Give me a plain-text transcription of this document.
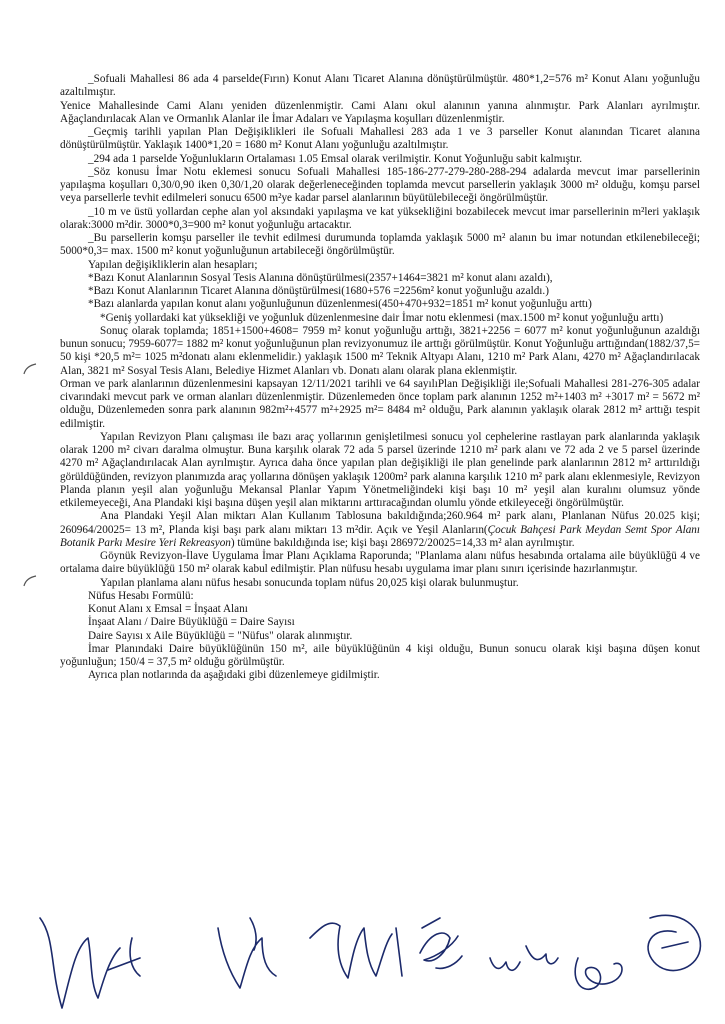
_Sofuali Mahallesi 86 ada 4 parselde(Fırın) Konut Alanı Ticaret Alanına dönüştürülmüştür. 480*1,2=576 m² Konut Alanı yoğunluğu azaltılmıştır.

Yenice Mahallesinde Cami Alanı yeniden düzenlenmiştir. Cami Alanı okul alanının yanına alınmıştır. Park Alanları ayrılmıştır. Ağaçlandırılacak Alan ve Ormanlık Alanlar ile İmar Adaları ve Yapılaşma koşulları düzenlenmiştir.

_Geçmiş tarihli yapılan Plan Değişiklikleri ile Sofuali Mahallesi 283 ada 1 ve 3 parseller Konut alanından Ticaret alanına dönüştürülmüştür. Yaklaşık 1400*1,20 = 1680 m² Konut Alanı yoğunluğu azaltılmıştır.

_294 ada 1 parselde Yoğunlukların Ortalaması 1.05 Emsal olarak verilmiştir. Konut Yoğunluğu sabit kalmıştır.

_Söz konusu İmar Notu eklemesi sonucu Sofuali Mahallesi 185-186-277-279-280-288-294 adalarda mevcut imar parsellerinin yapılaşma koşulları 0,30/0,90 iken 0,30/1,20 olarak değerleneceğinden toplamda mevcut parsellerin yaklaşık 3000 m² olduğu, komşu parsel veya parsellerle tevhit edilmeleri sonucu 6500 m²ye kadar parsel alanlarının büyütülebileceği öngörülmüştür.

_10 m ve üstü yollardan cephe alan yol aksındaki yapılaşma ve kat yüksekliğini bozabilecek mevcut imar parsellerinin m²leri yaklaşık olarak:3000 m²dir. 3000*0,3=900 m² konut yoğunluğu artacaktır.

_Bu parsellerin komşu parseller ile tevhit edilmesi durumunda toplamda yaklaşık 5000 m² alanın bu imar notundan etkilenebileceği; 5000*0,3= max. 1500 m² konut yoğunluğunun artabileceği öngörülmüştür.

Yapılan değişikliklerin alan hesapları;

*Bazı Konut Alanlarının Sosyal Tesis Alanına dönüştürülmesi(2357+1464=3821 m² konut alanı azaldı),

*Bazı Konut Alanlarının Ticaret Alanına dönüştürülmesi(1680+576 =2256m² konut yoğunluğu azaldı.)

*Bazı alanlarda yapılan konut alanı yoğunluğunun düzenlenmesi(450+470+932=1851 m² konut yoğunluğu arttı)

*Geniş yollardaki kat yüksekliği ve yoğunluk düzenlenmesine dair İmar notu eklenmesi (max.1500 m² konut yoğunluğu arttı)

Sonuç olarak toplamda; 1851+1500+4608= 7959 m² konut yoğunluğu arttığı, 3821+2256 = 6077 m² konut yoğunluğunun azaldığı bunun sonucu; 7959-6077= 1882 m² konut yoğunluğunun plan revizyonumuz ile arttığı görülmüştür. Konut Yoğunluğu arttığından(1882/37,5= 50 kişi *20,5 m²= 1025 m²donatı alanı eklenmelidir.) yaklaşık 1500 m² Teknik Altyapı Alanı, 1210 m² Park Alanı, 4270 m² Ağaçlandırılacak Alan, 3821 m² Sosyal Tesis Alanı, Belediye Hizmet Alanları vb. Donatı alanı olarak plana eklenmiştir.

Orman ve park alanlarının düzenlenmesini kapsayan 12/11/2021 tarihli ve 64 sayılıPlan Değişikliği ile;Sofuali Mahallesi 281-276-305 adalar civarındaki mevcut park ve orman alanları düzenlenmiştir. Düzenlemeden önce toplam park alanının 1252 m²+1403 m² +3017 m² = 5672 m² olduğu, Düzenlemeden sonra park alanının 982m²+4577 m²+2925 m²= 8484 m² olduğu, Park alanının yaklaşık olarak 2812 m² arttığı tespit edilmiştir.

Yapılan Revizyon Planı çalışması ile bazı araç yollarının genişletilmesi sonucu yol cephelerine rastlayan park alanlarında yaklaşık olarak 1200 m² civarı daralma olmuştur. Buna karşılık olarak 72 ada 5 parsel üzerinde 1210 m² park alanı ve 72 ada 2 ve 5 parsel üzerinde 4270 m² Ağaçlandırılacak Alan ayrılmıştır. Ayrıca daha önce yapılan plan değişikliği ile plan genelinde park alanlarının 2812 m² arttırıldığı görüldüğünden, revizyon planımızda araç yollarına dönüşen yaklaşık 1200m² park alanına karşılık 1210 m² park alanı eklenmesiyle, Revizyon Planda planın yeşil alan yoğunluğu Mekansal Planlar Yapım Yönetmeliğindeki kişi başı 10 m² yeşil alan kuralını olumsuz yönde etkilemeyeceği, Ana Plandaki kişi başına düşen yeşil alan miktarını arttıracağından olumlu yönde etkileyeceği öngörülmüştür.

Ana Plandaki Yeşil Alan miktarı Alan Kullanım Tablosuna bakıldığında;260.964 m² park alanı, Planlanan Nüfus 20.025 kişi; 260964/20025= 13 m², Planda kişi başı park alanı miktarı 13 m²dir. Açık ve Yeşil Alanların(Çocuk Bahçesi Park Meydan Semt Spor Alanı Botanik Parkı Mesire Yeri Rekreasyon) tümüne bakıldığında ise; kişi başı 286972/20025=14,33 m² alan ayrılmıştır.

Göynük Revizyon-İlave Uygulama İmar Planı Açıklama Raporunda; "Planlama alanı nüfus hesabında ortalama aile büyüklüğü 4 ve ortalama daire büyüklüğü 150 m² olarak kabul edilmiştir. Plan nüfusu hesabı uygulama imar planı sınırı içerisinde hazırlanmıştır.

Yapılan planlama alanı nüfus hesabı sonucunda toplam nüfus 20,025 kişi olarak bulunmuştur.

Nüfus Hesabı Formülü:

Konut Alanı x Emsal = İnşaat Alanı

İnşaat Alanı / Daire Büyüklüğü = Daire Sayısı

Daire Sayısı x Aile Büyüklüğü = "Nüfus" olarak alınmıştır.

İmar Planındaki Daire büyüklüğünün 150 m², aile büyüklüğünün 4 kişi olduğu, Bunun sonucu olarak kişi başına düşen konut yoğunluğun; 150/4 = 37,5 m² olduğu görülmüştür.

Ayrıca plan notlarında da aşağıdaki gibi düzenlemeye gidilmiştir.
